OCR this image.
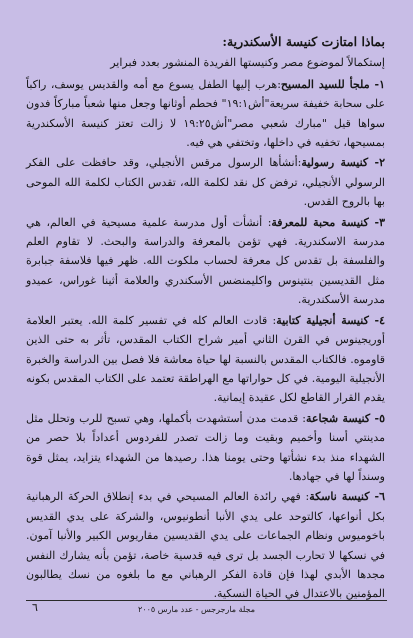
بماذا امتازت كنيسة الأسكندرية:
إستكمالاً لموضوع مصر وكنيستها الفريدة المنشور بعدد فبراير
١- ملجأ للسيد المسيح:هرب إليها الطفل يسوع مع أمه والقديس يوسف، راكباً على سحابة خفيفة سريعة"أش١٩:١" فحطم أوثانها وجعل منها شعباً مباركاً فدون سواها قيل "مبارك شعبي مصر"أش١٩:٢٥ لا زالت تعتز كنيسة الأسكندرية بمسيحها، تخفيه في داخلها، وتختفي هي فيه.
٢- كنيسة رسولية:أنشأها الرسول مرقس الأنجيلي، وقد حافظت على الفكر الرسولي الأنجيلي، ترفض كل نقد لكلمة الله، تقدس الكتاب لكلمة الله الموحى بها بالروح القدس.
٣- كنيسة محبة للمعرفة: أنشأت أول مدرسة علمية مسيحية في العالم، هي مدرسة الاسكندرية. فهي تؤمن بالمعرفة والدراسة والبحث. لا تقاوم العلم والفلسفة بل تقدس كل معرفة لحساب ملكوت الله. ظهر فيها فلاسفة جبابرة مثل القديسين بنتينوس واكليمنضس الأسكندري والعلامة أثينا غوراس، عميدو مدرسة الأسكندرية.
٤- كنيسة أنجيلية كتابية: قادت العالم كله في تفسير كلمة الله. يعتبر العلامة أوريجينوس في القرن الثاني أمير شراح الكتاب المقدس، تأثر به حتى الذين قاوموه. فالكتاب المقدس بالنسبة لها حياة معاشة فلا فصل بين الدراسة والخبرة الأنجيلية اليومية. في كل حواراتها مع الهراطقة تعتمد على الكتاب المقدس بكونه يقدم القرار القاطع لكل عقيدة إيمانية.
٥- كنيسة شجاعة: قدمت مدن أستشهدت بأكملها، وهي تسبح للرب وتحلل مثل مدينتي أسنا وأخميم وبقيت وما زالت تصدر للفردوس أعداداً بلا حصر من الشهداء منذ بدء نشأتها وحتى يومنا هذا. رصيدها من الشهداء يتزايد، يمثل قوة وسنداً لها في جهادها.
٦- كنيسة ناسكة: فهي رائدة العالم المسيحي في بدء إنطلاق الحركة الرهبانية بكل أنواعها، كالتوحد على يدي الأنبا أنطونيوس، والشركة على يدي القديس باخوميوس ونظام الجماعات على يدي القديسين مقاريوس الكبير والأنبا آمون. في نسكها لا تحارب الجسد بل ترى فيه قدسية خاصة، تؤمن بأنه يشارك النفس مجدها الأبدي لهذا فإن قادة الفكر الرهباني مع ما بلغوه من نسك يطالبون المؤمنين بالاعتدال في الحياة النسكية.
مجلة مارجرجس - عدد مارس ٢٠٠٥
٦
